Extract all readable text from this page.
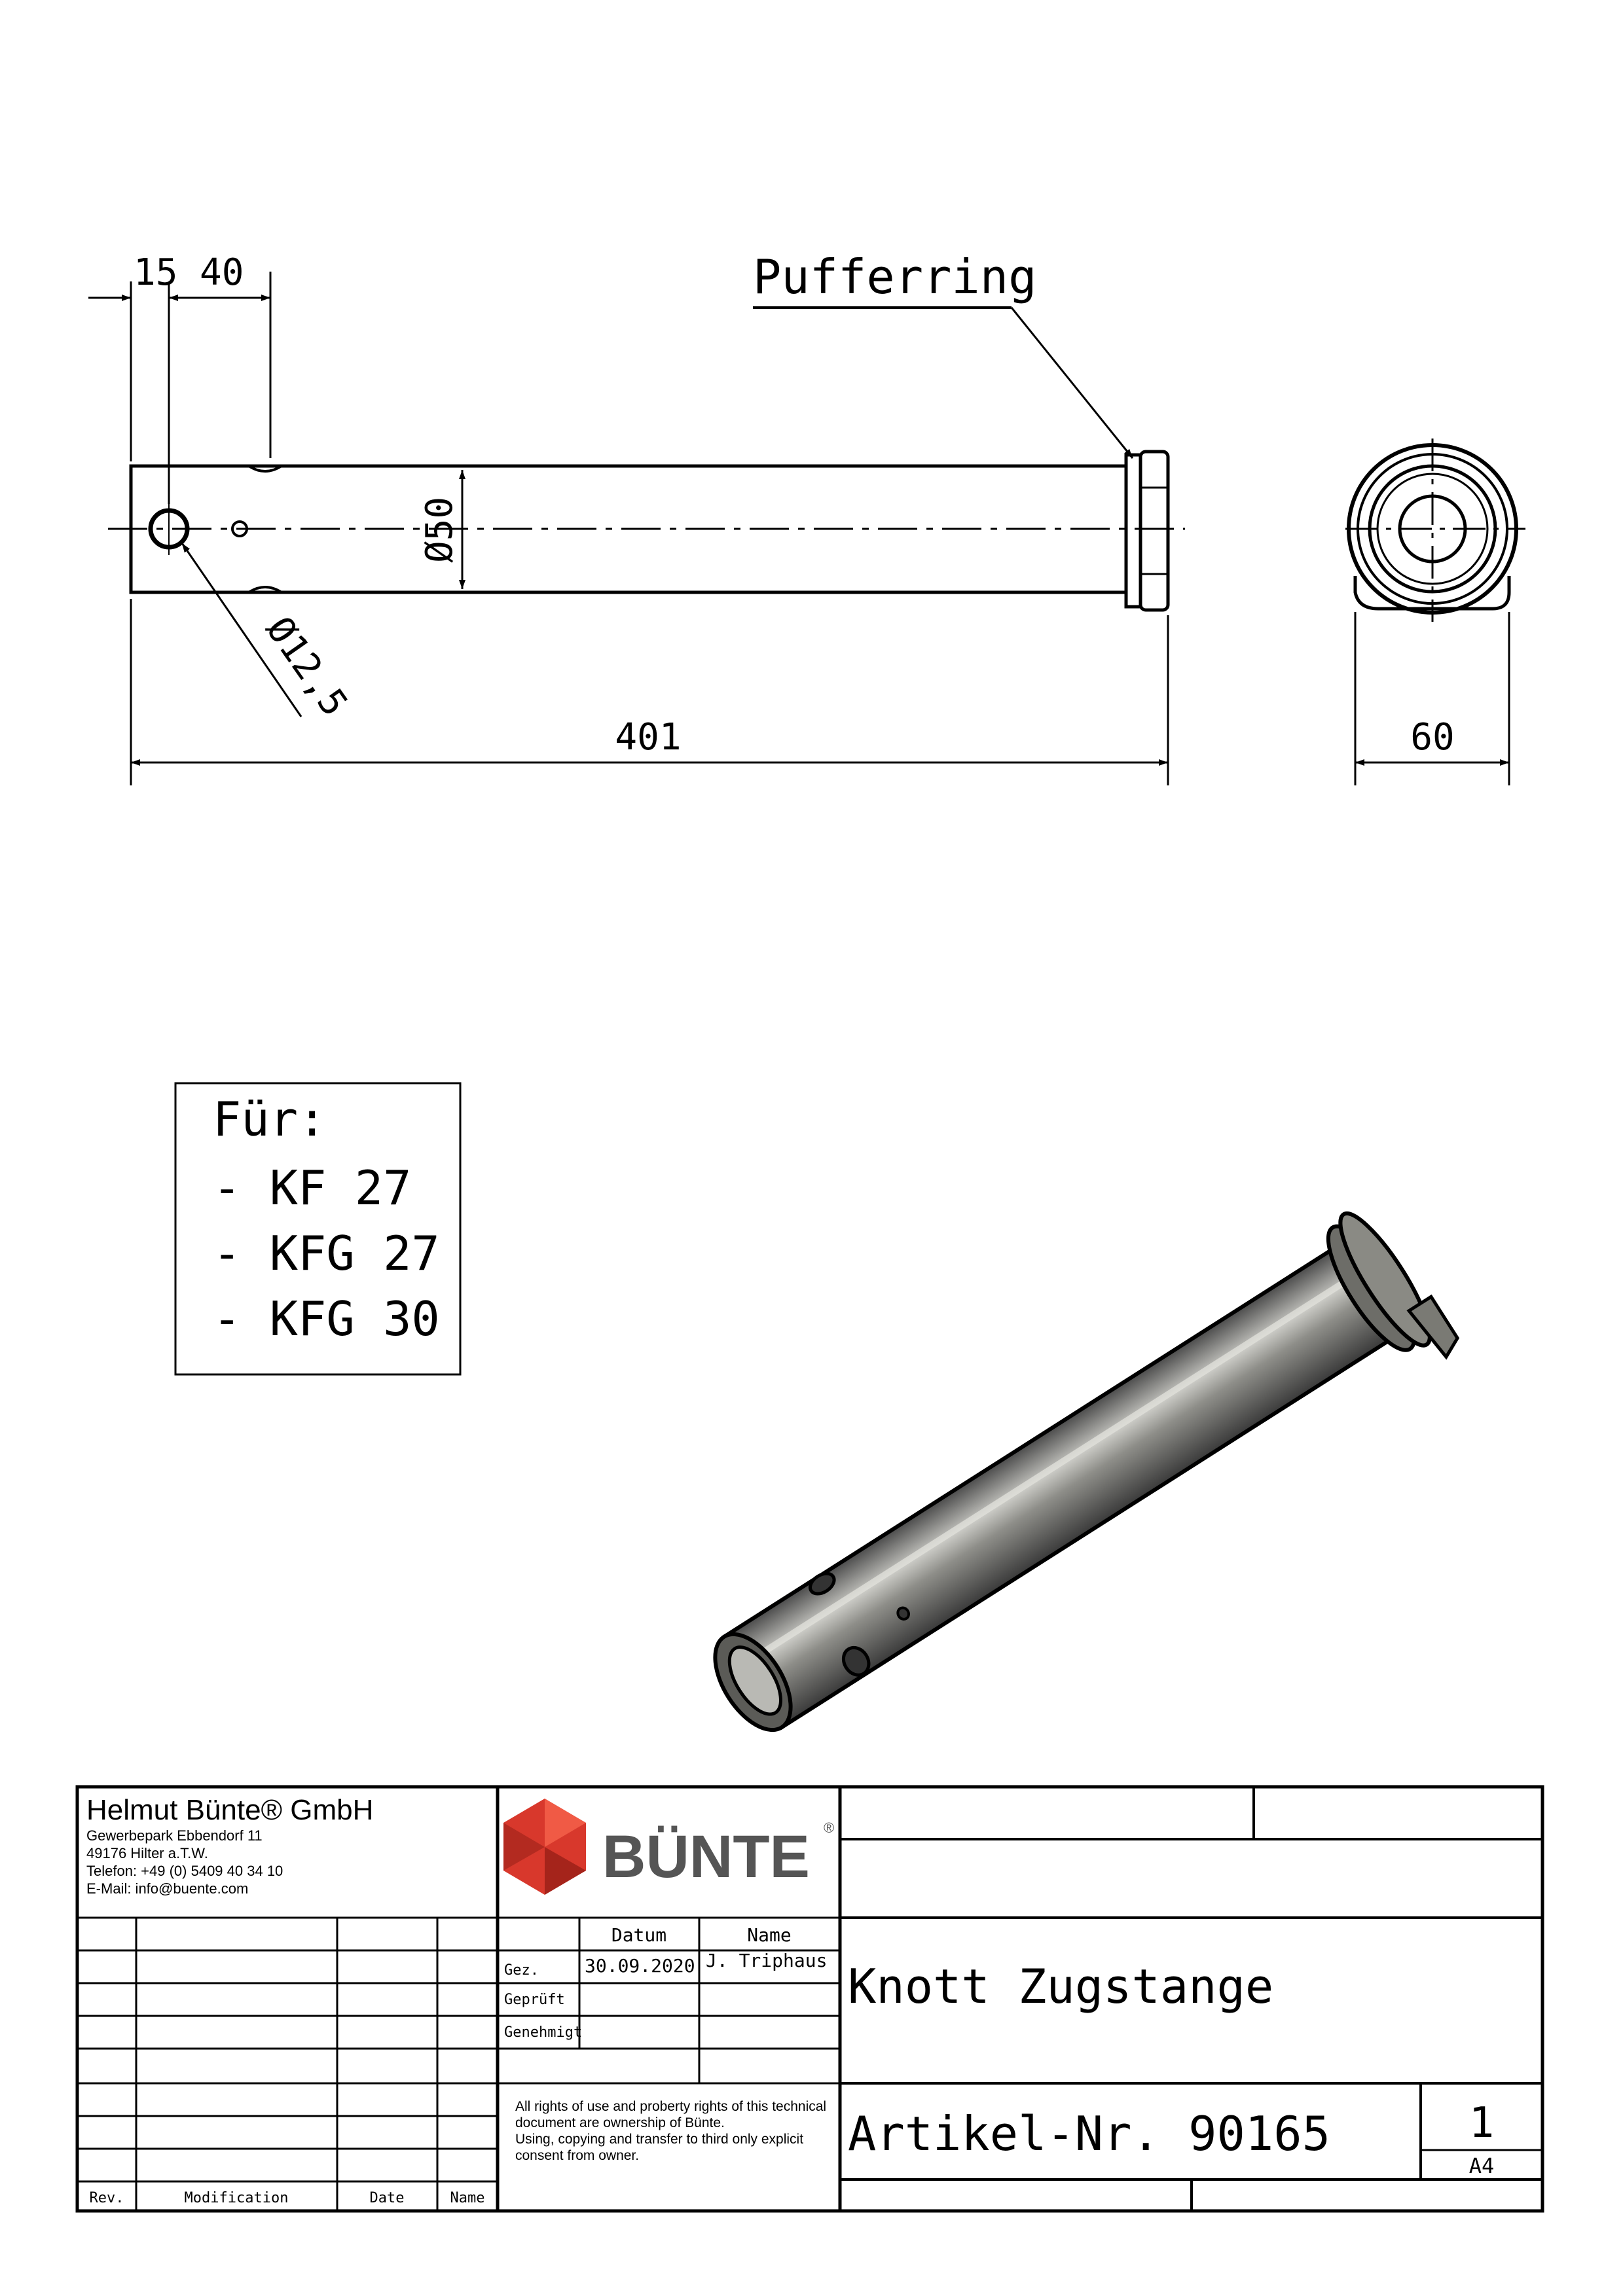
15 40
Ø50
Ø12,5
401
Pufferring
60
Für:
- KF 27
- KFG 27
- KFG 30
Helmut Bünte® GmbH
Gewerbepark Ebbendorf 11
49176 Hilter a.T.W.
Telefon: +49 (0) 5409 40 34 10
E-Mail: info@buente.com	BÜNTE ®
Datum	Name
Gez.	30.09.2020 J. Triphaus
Geprüft
Genehmigt
All rights of use and proberty rights of this technical
document are ownership of Bünte.
Using, copying and transfer to third only explicit
consent from owner.
Knott Zugstange
Artikel-Nr. 90165	1
A4
Rev.	Modification	Date	Name
